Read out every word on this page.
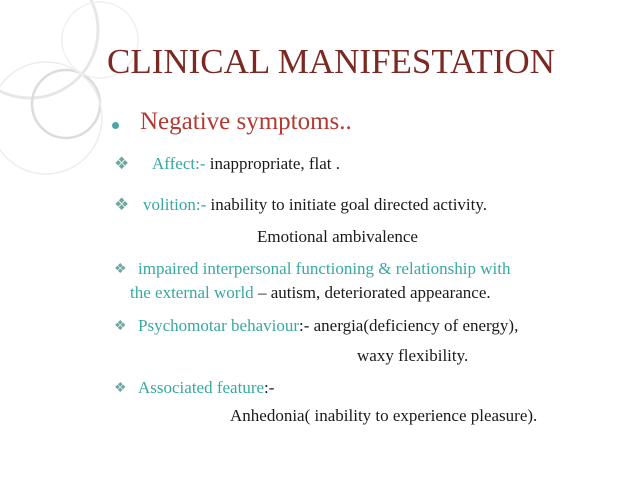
CLINICAL MANIFESTATION
Negative symptoms..
❖ Affect:- inappropriate, flat .
❖ volition:- inability to initiate goal directed activity.
Emotional ambivalence
❖ impaired interpersonal functioning & relationship with
the external world – autism, deteriorated appearance.
❖ Psychomotar behaviour:- anergia(deficiency of energy),
waxy flexibility.
❖ Associated feature:-
Anhedonia( inability to experience pleasure).
